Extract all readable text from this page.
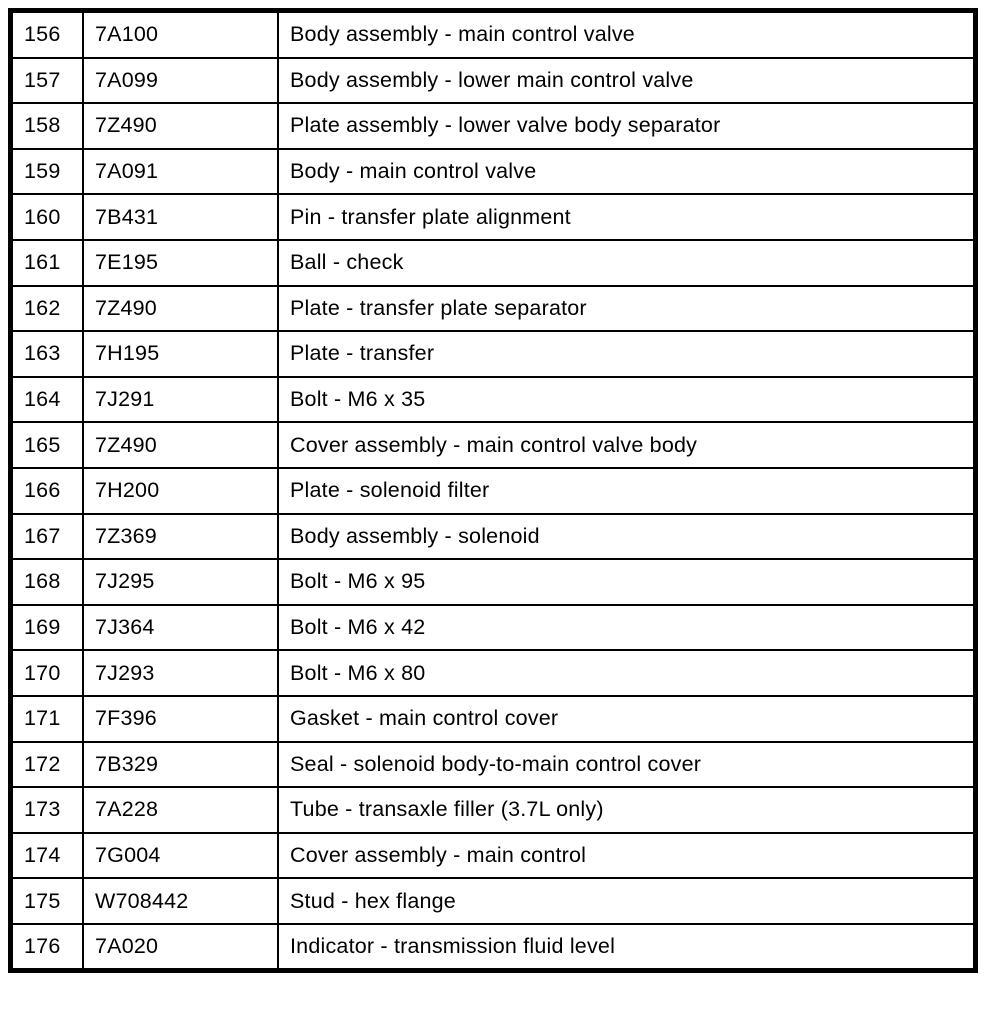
156	7A100	Body assembly - main control valve
157	7A099	Body assembly - lower main control valve
158	7Z490	Plate assembly - lower valve body separator
159	7A091	Body - main control valve
160	7B431	Pin - transfer plate alignment
161	7E195	Ball - check
162	7Z490	Plate - transfer plate separator
163	7H195	Plate - transfer
164	7J291	Bolt - M6 x 35
165	7Z490	Cover assembly - main control valve body
166	7H200	Plate - solenoid filter
167	7Z369	Body assembly - solenoid
168	7J295	Bolt - M6 x 95
169	7J364	Bolt - M6 x 42
170	7J293	Bolt - M6 x 80
171	7F396	Gasket - main control cover
172	7B329	Seal - solenoid body-to-main control cover
173	7A228	Tube - transaxle filler (3.7L only)
174	7G004	Cover assembly - main control
175	W708442	Stud - hex flange
176	7A020	Indicator - transmission fluid level
